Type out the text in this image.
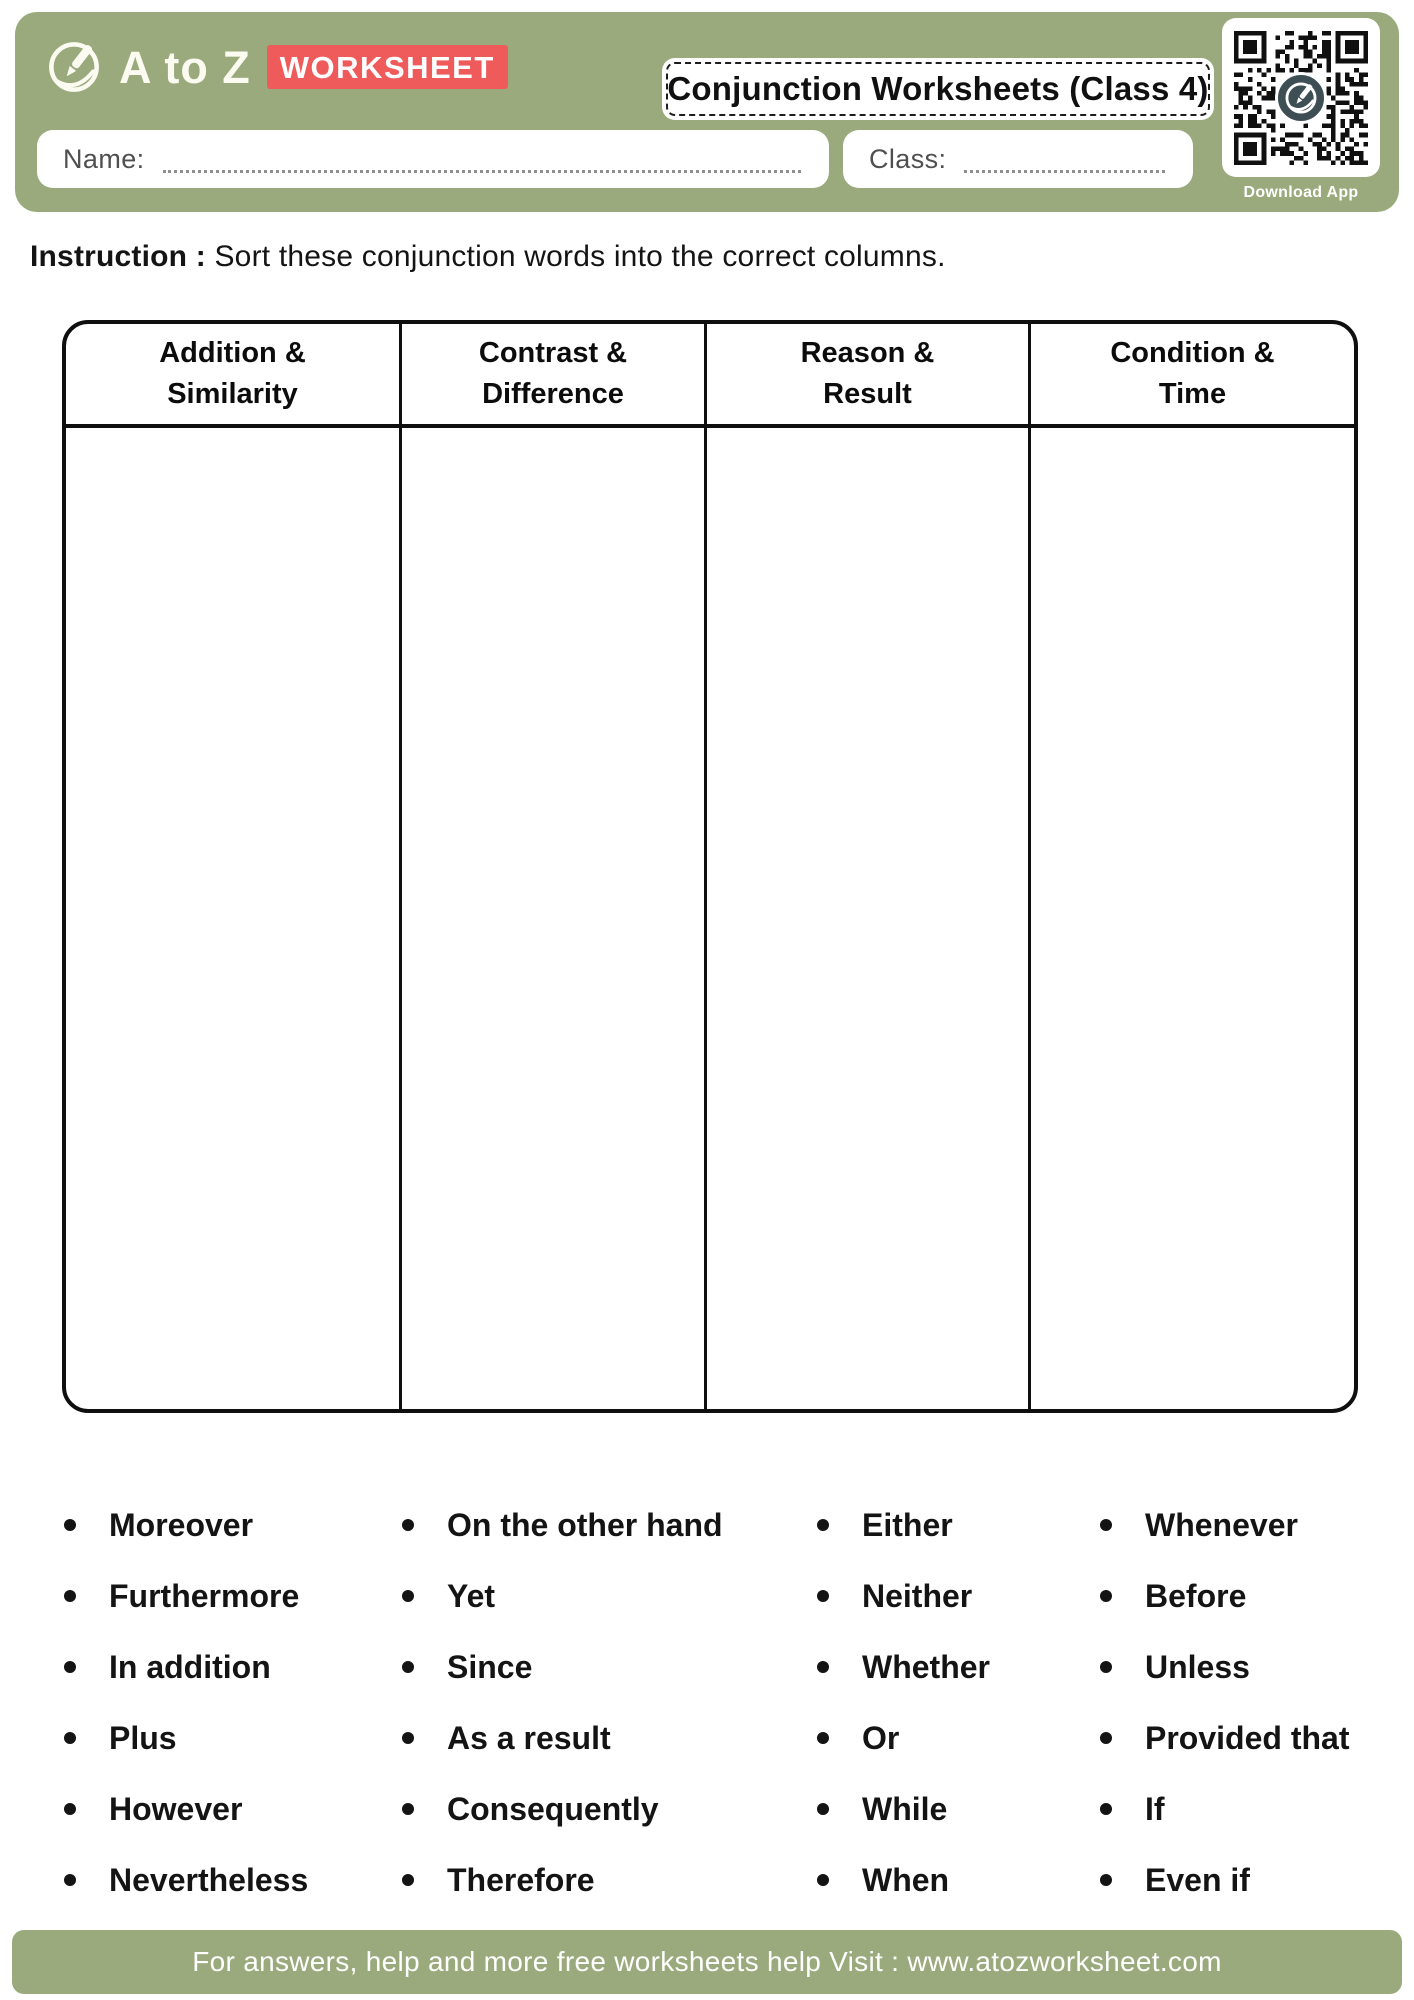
A to Z WORKSHEET
Conjunction Worksheets (Class 4)
Download App
Name:	Class:
Instruction : Sort these conjunction words into the correct columns.
Addition &
Similarity
Contrast &
Difference
Reason &
Result
Condition &
Time
Moreover
Furthermore
In addition
Plus
However
Nevertheless
On the other hand
Yet
Since
As a result
Consequently
Therefore
Either
Neither
Whether
Or
While
When
Whenever
Before
Unless
Provided that
If
Even if
For answers, help and more free worksheets help Visit : www.atozworksheet.com
